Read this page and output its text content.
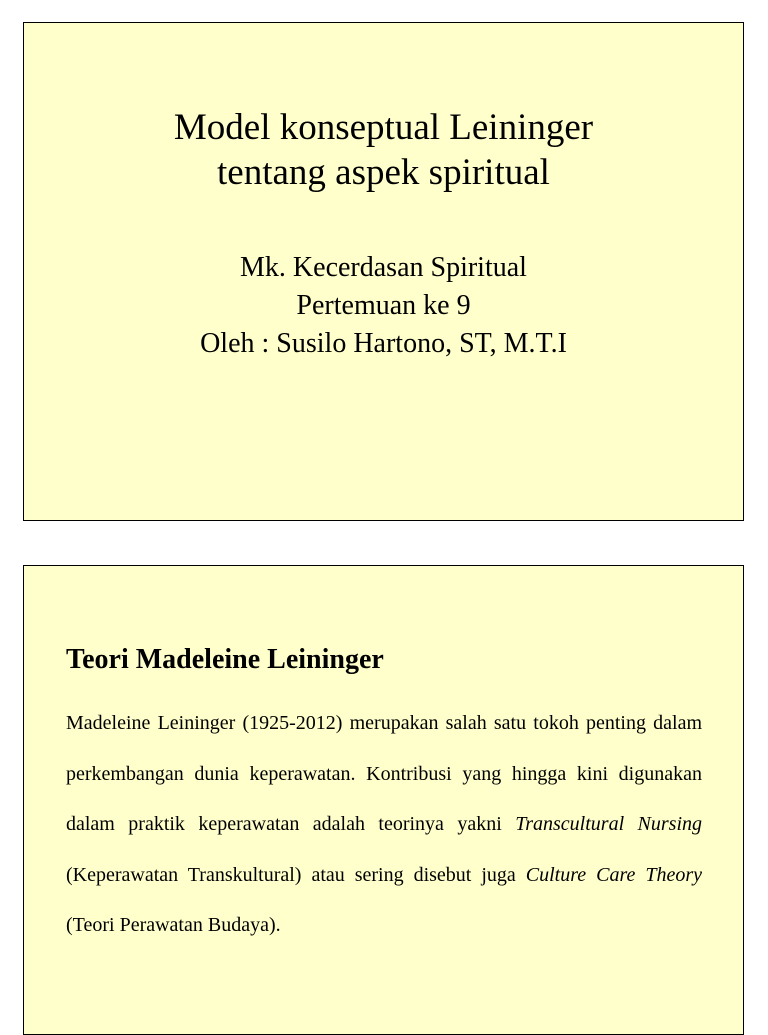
Model konseptual Leininger
tentang aspek spiritual
Mk. Kecerdasan Spiritual
Pertemuan ke 9
Oleh : Susilo Hartono, ST, M.T.I
Teori Madeleine Leininger

Madeleine Leininger (1925-2012) merupakan salah satu tokoh penting dalam perkembangan dunia keperawatan. Kontribusi yang hingga kini digunakan dalam praktik keperawatan adalah teorinya yakni Transcultural Nursing (Keperawatan Transkultural) atau sering disebut juga Culture Care Theory (Teori Perawatan Budaya).
